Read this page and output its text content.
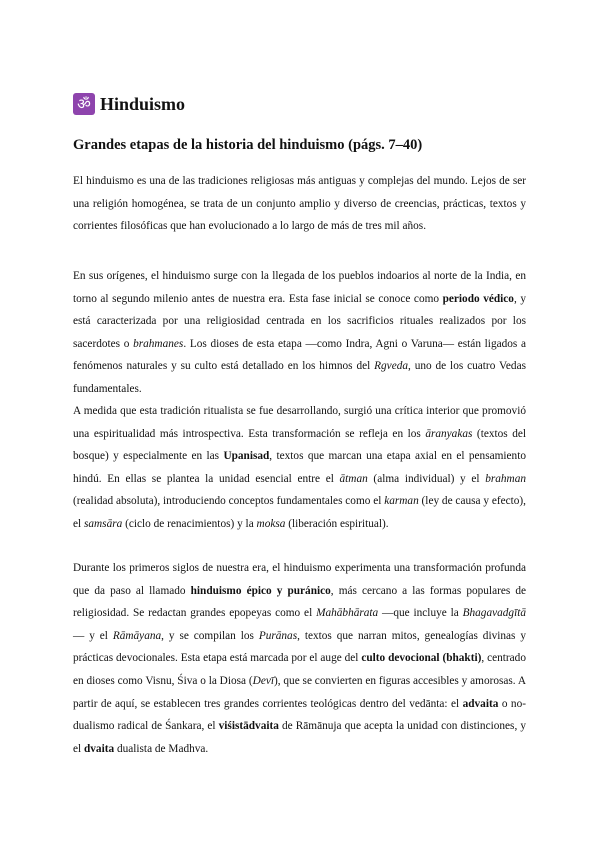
ॐ Hinduismo
Grandes etapas de la historia del hinduismo (págs. 7–40)

El hinduismo es una de las tradiciones religiosas más antiguas y complejas del mundo. Lejos de ser una religión homogénea, se trata de un conjunto amplio y diverso de creencias, prácticas, textos y corrientes filosóficas que han evolucionado a lo largo de más de tres mil años.

En sus orígenes, el hinduismo surge con la llegada de los pueblos indoarios al norte de la India, en torno al segundo milenio antes de nuestra era. Esta fase inicial se conoce como periodo védico, y está caracterizada por una religiosidad centrada en los sacrificios rituales realizados por los sacerdotes o brahmanes. Los dioses de esta etapa —como Indra, Agni o Varuna— están ligados a fenómenos naturales y su culto está detallado en los himnos del Rgveda, uno de los cuatro Vedas fundamentales.

A medida que esta tradición ritualista se fue desarrollando, surgió una crítica interior que promovió una espiritualidad más introspectiva. Esta transformación se refleja en los āranyakas (textos del bosque) y especialmente en las Upanisad, textos que marcan una etapa axial en el pensamiento hindú. En ellas se plantea la unidad esencial entre el ātman (alma individual) y el brahman (realidad absoluta), introduciendo conceptos fundamentales como el karman (ley de causa y efecto), el samsāra (ciclo de renacimientos) y la moksa (liberación espiritual).

Durante los primeros siglos de nuestra era, el hinduismo experimenta una transformación profunda que da paso al llamado hinduismo épico y puránico, más cercano a las formas populares de religiosidad. Se redactan grandes epopeyas como el Mahābhārata —que incluye la Bhagavadgītā— y el Rāmāyana, y se compilan los Purānas, textos que narran mitos, genealogías divinas y prácticas devocionales. Esta etapa está marcada por el auge del culto devocional (bhakti), centrado en dioses como Visnu, Śiva o la Diosa (Devī), que se convierten en figuras accesibles y amorosas. A partir de aquí, se establecen tres grandes corrientes teológicas dentro del vedānta: el advaita o no-dualismo radical de Śankara, el viśistādvaita de Rāmānuja que acepta la unidad con distinciones, y el dvaita dualista de Madhva.
